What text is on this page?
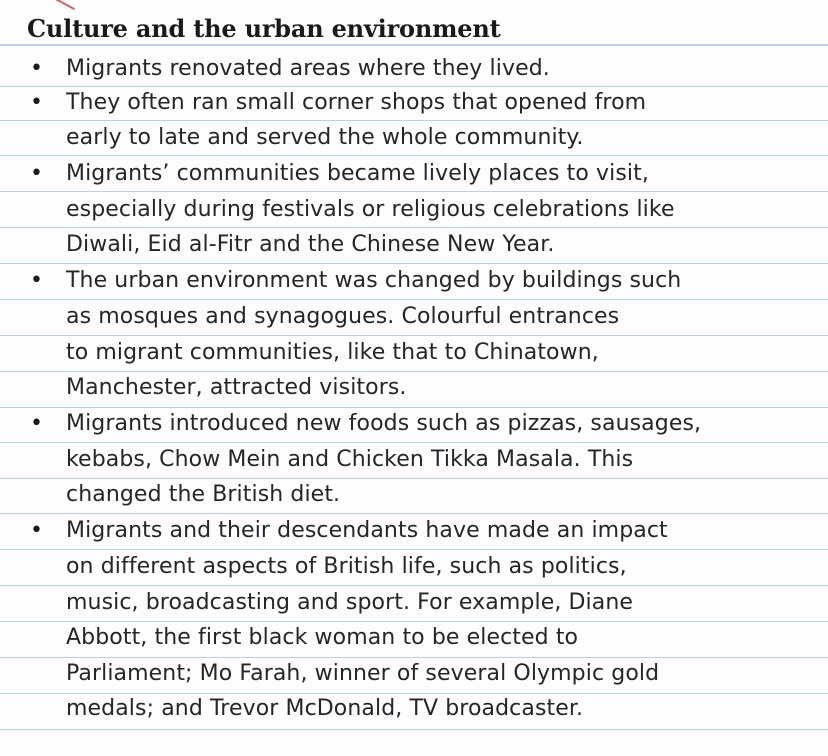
Culture and the urban environment
• Migrants renovated areas where they lived.
• They often ran small corner shops that opened from
early to late and served the whole community.
• Migrants’ communities became lively places to visit,
especially during festivals or religious celebrations like
Diwali, Eid al-Fitr and the Chinese New Year.
• The urban environment was changed by buildings such
as mosques and synagogues. Colourful entrances
to migrant communities, like that to Chinatown,
Manchester, attracted visitors.
• Migrants introduced new foods such as pizzas, sausages,
kebabs, Chow Mein and Chicken Tikka Masala. This
changed the British diet.
• Migrants and their descendants have made an impact
on different aspects of British life, such as politics,
music, broadcasting and sport. For example, Diane
Abbott, the first black woman to be elected to
Parliament; Mo Farah, winner of several Olympic gold
medals; and Trevor McDonald, TV broadcaster.
